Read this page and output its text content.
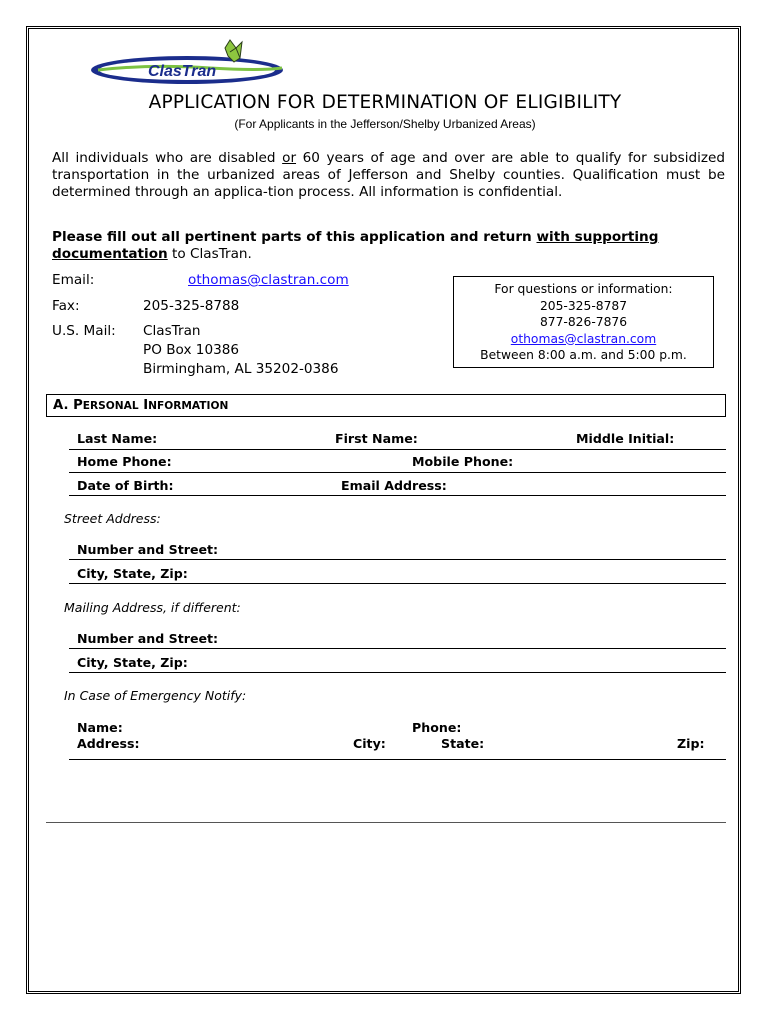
ClasTran
APPLICATION FOR DETERMINATION OF ELIGIBILITY
(For Applicants in the Jefferson/Shelby Urbanized Areas)
All individuals who are disabled or 60 years of age and over are able to qualify for subsidized transportation in the urbanized areas of Jefferson and Shelby counties. Qualification must be determined through an applica-tion process. All information is confidential.
Please fill out all pertinent parts of this application and return with supporting documentation to ClasTran.
Email:	othomas@clastran.com
Fax:	205-325-8788
U.S. Mail: ClasTran
PO Box 10386
Birmingham, AL 35202-0386
For questions or information:
205-325-8787
877-826-7876
othomas@clastran.com
Between 8:00 a.m. and 5:00 p.m.
A. PERSONAL INFORMATION
Last Name:	First Name:	Middle Initial:
Home Phone:	Mobile Phone:
Date of Birth:	Email Address:
Street Address:
Number and Street:
City, State, Zip:
Mailing Address, if different:
Number and Street:
City, State, Zip:
In Case of Emergency Notify:
Name:	Phone:
Address:	City:	State:	Zip:
